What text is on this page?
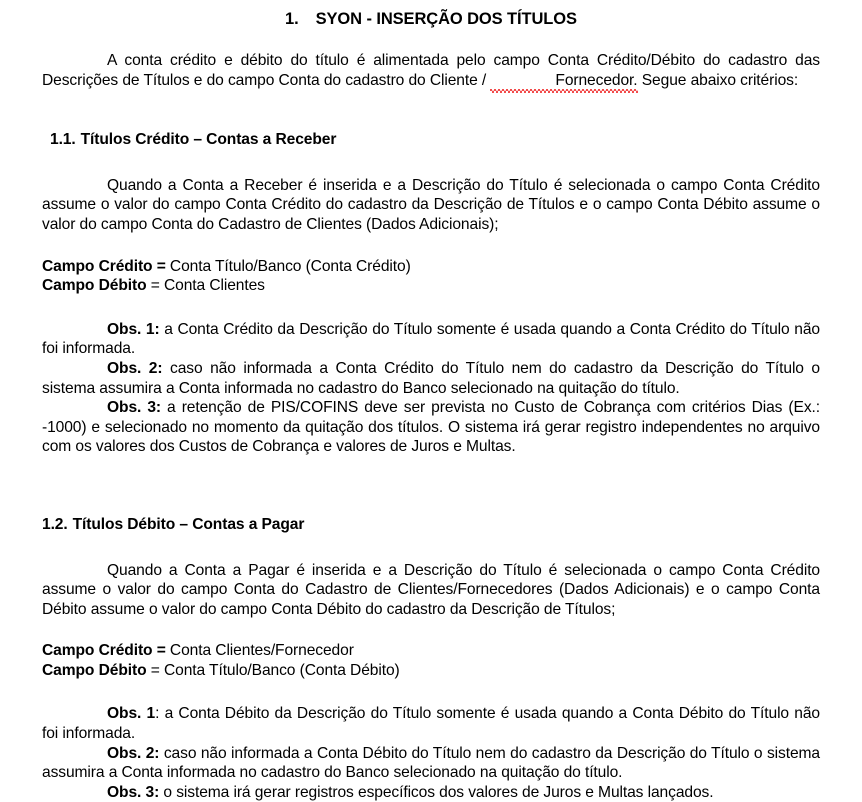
1. SYON - INSERÇÃO DOS TÍTULOS

A conta crédito e débito do título é alimentada pelo campo Conta Crédito/Débito do cadastro das Descrições de Títulos e do campo Conta do cadastro do Cliente /	Fornecedor. Segue abaixo critérios:

1.1. Títulos Crédito – Contas a Receber

Quando a Conta a Receber é inserida e a Descrição do Título é selecionada o campo Conta Crédito assume o valor do campo Conta Crédito do cadastro da Descrição de Títulos e o campo Conta Débito assume o valor do campo Conta do Cadastro de Clientes (Dados Adicionais);

Campo Crédito = Conta Título/Banco (Conta Crédito)

Campo Débito = Conta Clientes

Obs. 1: a Conta Crédito da Descrição do Título somente é usada quando a Conta Crédito do Título não foi informada.

Obs. 2: caso não informada a Conta Crédito do Título nem do cadastro da Descrição do Título o sistema assumira a Conta informada no cadastro do Banco selecionado na quitação do título.

Obs. 3: a retenção de PIS/COFINS deve ser prevista no Custo de Cobrança com critérios Dias (Ex.: -1000) e selecionado no momento da quitação dos títulos. O sistema irá gerar registro independentes no arquivo com os valores dos Custos de Cobrança e valores de Juros e Multas.

1.2. Títulos Débito – Contas a Pagar

Quando a Conta a Pagar é inserida e a Descrição do Título é selecionada o campo Conta Crédito assume o valor do campo Conta do Cadastro de Clientes/Fornecedores (Dados Adicionais) e o campo Conta Débito assume o valor do campo Conta Débito do cadastro da Descrição de Títulos;

Campo Crédito = Conta Clientes/Fornecedor

Campo Débito = Conta Título/Banco (Conta Débito)

Obs. 1: a Conta Débito da Descrição do Título somente é usada quando a Conta Débito do Título não foi informada.

Obs. 2: caso não informada a Conta Débito do Título nem do cadastro da Descrição do Título o sistema assumira a Conta informada no cadastro do Banco selecionado na quitação do título.

Obs. 3: o sistema irá gerar registros específicos dos valores de Juros e Multas lançados.
